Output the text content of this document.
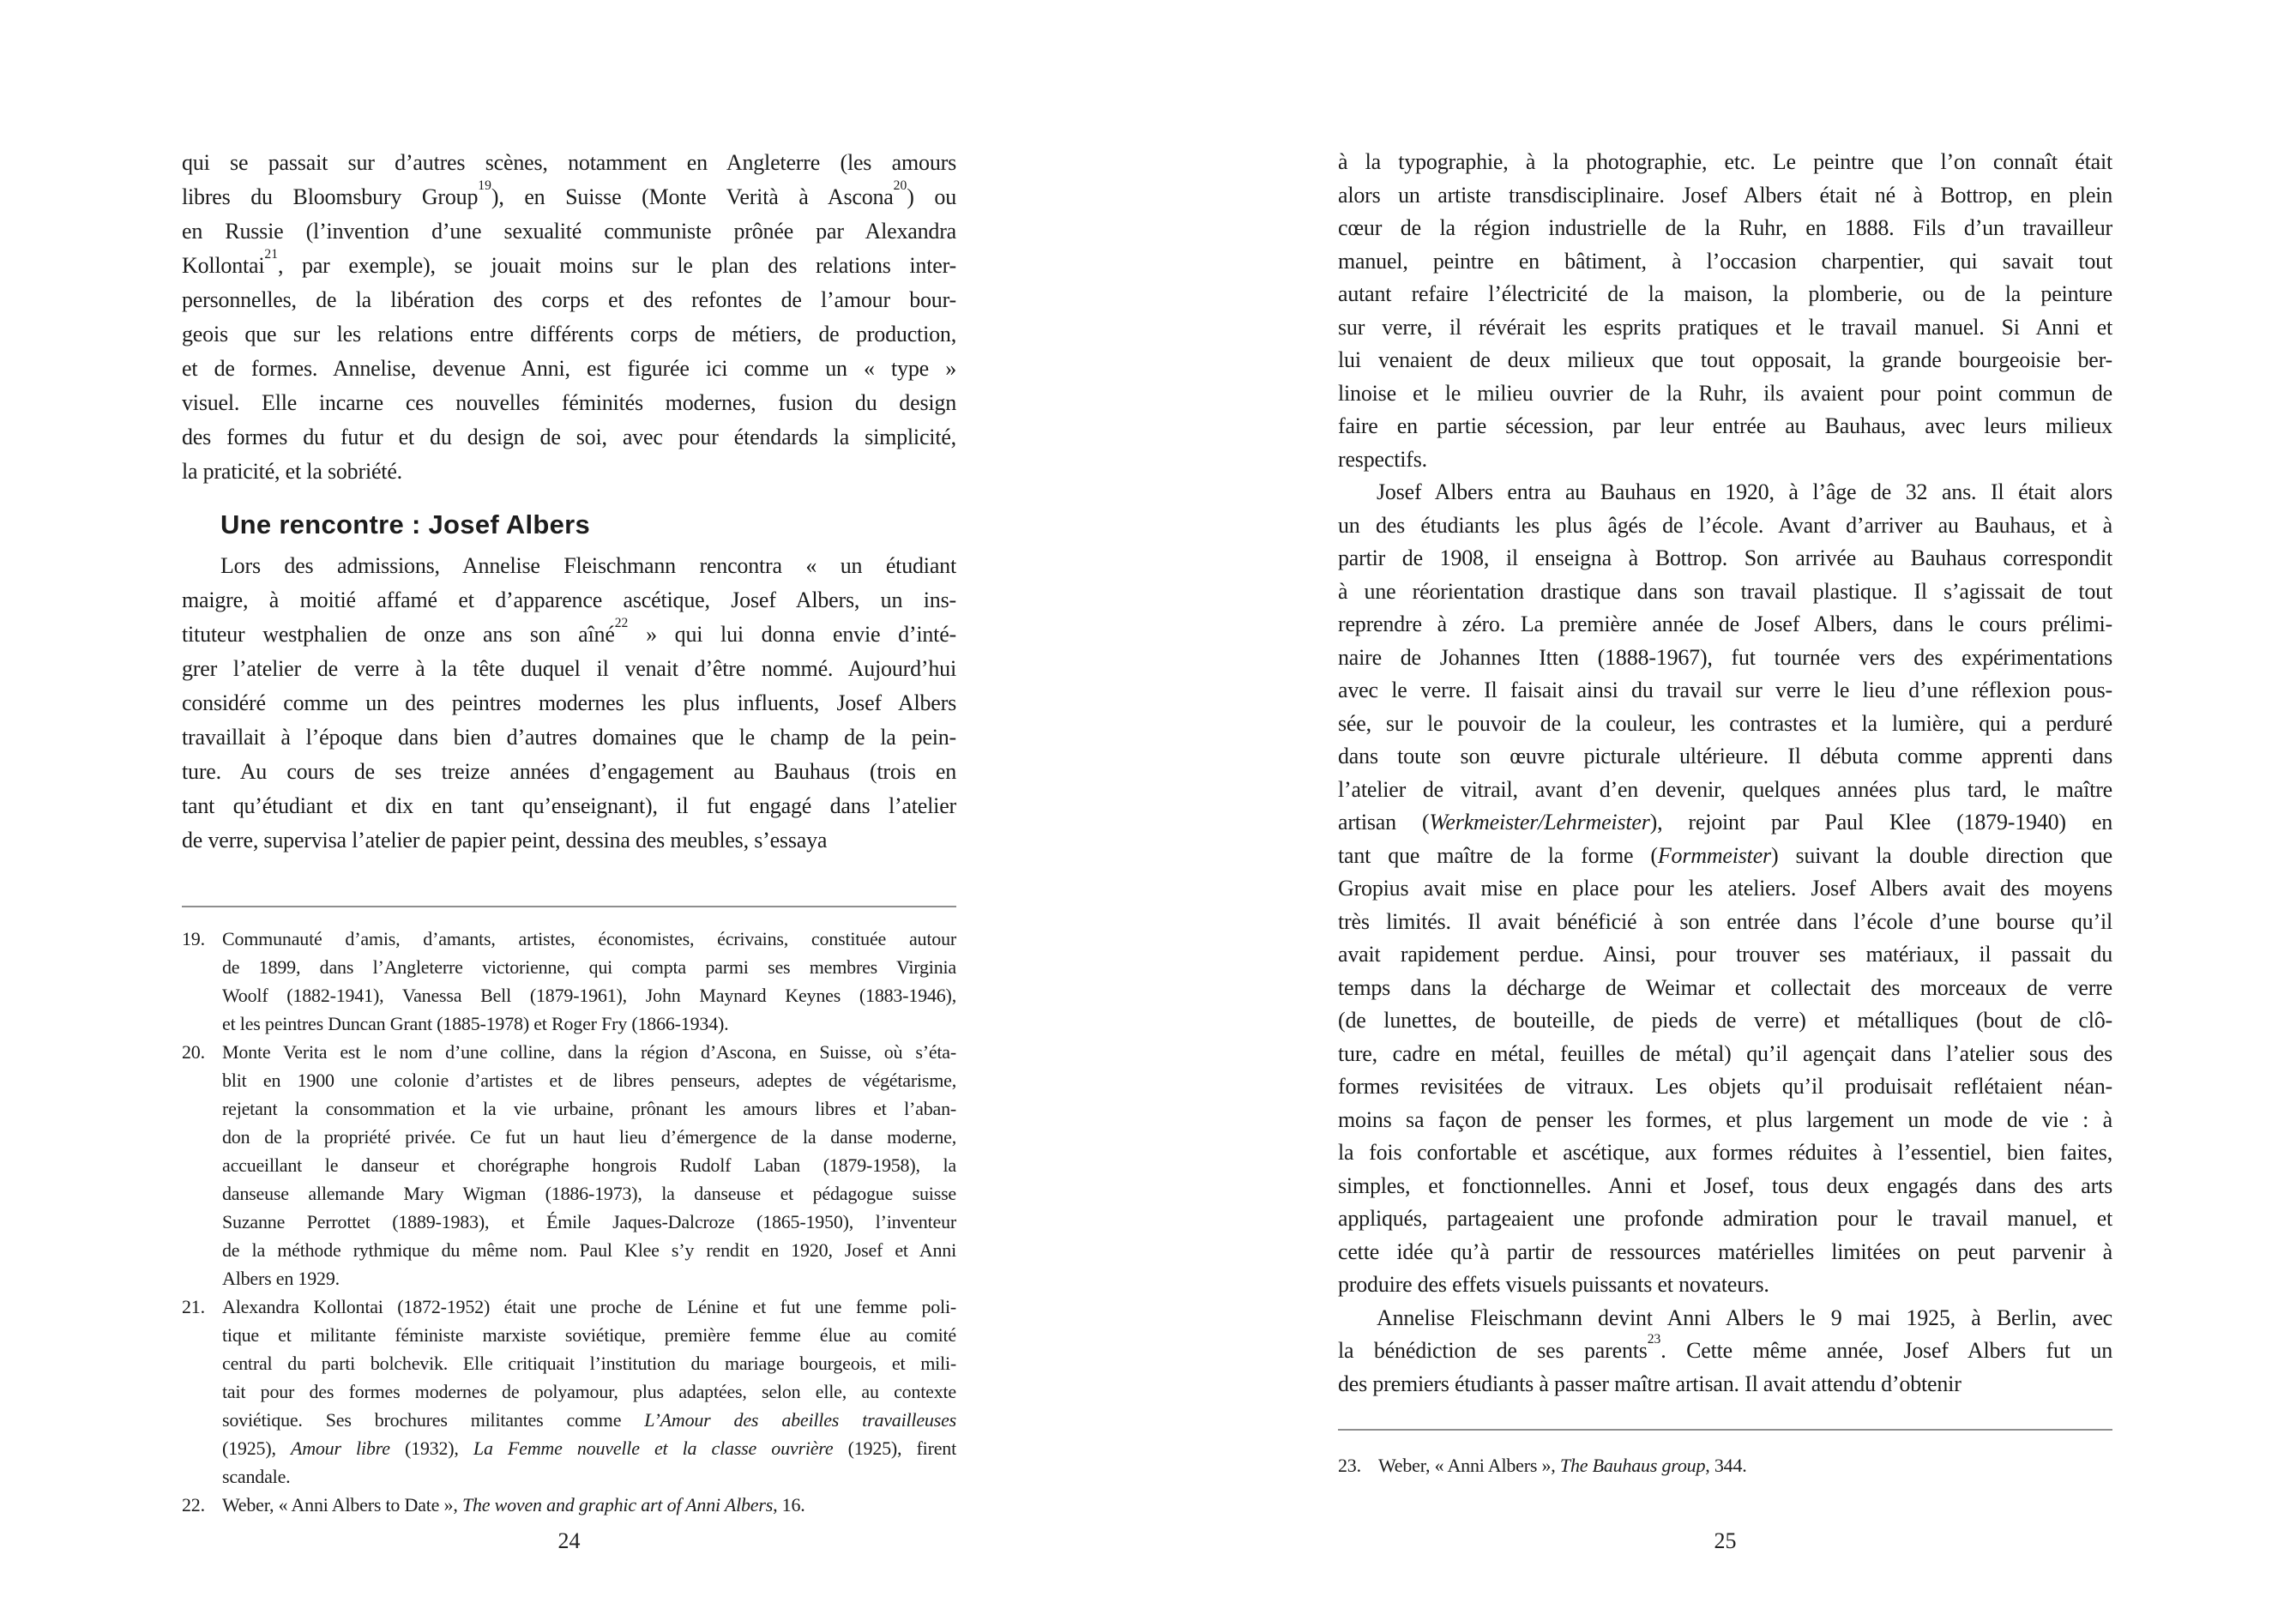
qui se passait sur d’autres scènes, notamment en Angleterre (les amours
libres du Bloomsbury Group$^{19}$), en Suisse (Monte Verità à Ascona$^{20}$) ou
en Russie (l’invention d’une sexualité communiste prônée par Alexandra
Kollontai$^{21}$, par exemple), se jouait moins sur le plan des relations inter-
personnelles, de la libération des corps et des refontes de l’amour bour-
geois que sur les relations entre différents corps de métiers, de production,
et de formes. Annelise, devenue Anni, est figurée ici comme un « type »
visuel. Elle incarne ces nouvelles féminités modernes, fusion du design
des formes du futur et du design de soi, avec pour étendards la simplicité,
la praticité, et la sobriété.
Une rencontre : Josef Albers
Lors des admissions, Annelise Fleischmann rencontra « un étudiant
maigre, à moitié affamé et d’apparence ascétique, Josef Albers, un ins-
tituteur westphalien de onze ans son aîné$^{22}$ » qui lui donna envie d’inté-
grer l’atelier de verre à la tête duquel il venait d’être nommé. Aujourd’hui
considéré comme un des peintres modernes les plus influents, Josef Albers
travaillait à l’époque dans bien d’autres domaines que le champ de la pein-
ture. Au cours de ses treize années d’engagement au Bauhaus (trois en
tant qu’étudiant et dix en tant qu’enseignant), il fut engagé dans l’atelier
de verre, supervisa l’atelier de papier peint, dessina des meubles, s’essaya
19. Communauté d’amis, d’amants, artistes, économistes, écrivains, constituée autour
de 1899, dans l’Angleterre victorienne, qui compta parmi ses membres Virginia
Woolf (1882-1941), Vanessa Bell (1879-1961), John Maynard Keynes (1883-1946),
et les peintres Duncan Grant (1885-1978) et Roger Fry (1866-1934).
20. Monte Verita est le nom d’une colline, dans la région d’Ascona, en Suisse, où s’éta-
blit en 1900 une colonie d’artistes et de libres penseurs, adeptes de végétarisme,
rejetant la consommation et la vie urbaine, prônant les amours libres et l’aban-
don de la propriété privée. Ce fut un haut lieu d’émergence de la danse moderne,
accueillant le danseur et chorégraphe hongrois Rudolf Laban (1879-1958), la
danseuse allemande Mary Wigman (1886-1973), la danseuse et pédagogue suisse
Suzanne Perrottet (1889-1983), et Émile Jaques-Dalcroze (1865-1950), l’inventeur
de la méthode rythmique du même nom. Paul Klee s’y rendit en 1920, Josef et Anni
Albers en 1929.
21. Alexandra Kollontai (1872-1952) était une proche de Lénine et fut une femme poli-
tique et militante féministe marxiste soviétique, première femme élue au comité
central du parti bolchevik. Elle critiquait l’institution du mariage bourgeois, et mili-
tait pour des formes modernes de polyamour, plus adaptées, selon elle, au contexte
soviétique. Ses brochures militantes comme L’Amour des abeilles travailleuses
(1925), Amour libre (1932), La Femme nouvelle et la classe ouvrière (1925), firent
scandale.
22. Weber, « Anni Albers to Date », The woven and graphic art of Anni Albers, 16.
24
à la typographie, à la photographie, etc. Le peintre que l’on connaît était
alors un artiste transdisciplinaire. Josef Albers était né à Bottrop, en plein
cœur de la région industrielle de la Ruhr, en 1888. Fils d’un travailleur
manuel, peintre en bâtiment, à l’occasion charpentier, qui savait tout
autant refaire l’électricité de la maison, la plomberie, ou de la peinture
sur verre, il révérait les esprits pratiques et le travail manuel. Si Anni et
lui venaient de deux milieux que tout opposait, la grande bourgeoisie ber-
linoise et le milieu ouvrier de la Ruhr, ils avaient pour point commun de
faire en partie sécession, par leur entrée au Bauhaus, avec leurs milieux
respectifs.
Josef Albers entra au Bauhaus en 1920, à l’âge de 32 ans. Il était alors
un des étudiants les plus âgés de l’école. Avant d’arriver au Bauhaus, et à
partir de 1908, il enseigna à Bottrop. Son arrivée au Bauhaus correspondit
à une réorientation drastique dans son travail plastique. Il s’agissait de tout
reprendre à zéro. La première année de Josef Albers, dans le cours prélimi-
naire de Johannes Itten (1888-1967), fut tournée vers des expérimentations
avec le verre. Il faisait ainsi du travail sur verre le lieu d’une réflexion pous-
sée, sur le pouvoir de la couleur, les contrastes et la lumière, qui a perduré
dans toute son œuvre picturale ultérieure. Il débuta comme apprenti dans
l’atelier de vitrail, avant d’en devenir, quelques années plus tard, le maître
artisan (Werkmeister/Lehrmeister), rejoint par Paul Klee (1879-1940) en
tant que maître de la forme (Formmeister) suivant la double direction que
Gropius avait mise en place pour les ateliers. Josef Albers avait des moyens
très limités. Il avait bénéficié à son entrée dans l’école d’une bourse qu’il
avait rapidement perdue. Ainsi, pour trouver ses matériaux, il passait du
temps dans la décharge de Weimar et collectait des morceaux de verre
(de lunettes, de bouteille, de pieds de verre) et métalliques (bout de clô-
ture, cadre en métal, feuilles de métal) qu’il agençait dans l’atelier sous des
formes revisitées de vitraux. Les objets qu’il produisait reflétaient néan-
moins sa façon de penser les formes, et plus largement un mode de vie : à
la fois confortable et ascétique, aux formes réduites à l’essentiel, bien faites,
simples, et fonctionnelles. Anni et Josef, tous deux engagés dans des arts
appliqués, partageaient une profonde admiration pour le travail manuel, et
cette idée qu’à partir de ressources matérielles limitées on peut parvenir à
produire des effets visuels puissants et novateurs.
Annelise Fleischmann devint Anni Albers le 9 mai 1925, à Berlin, avec
la bénédiction de ses parents$^{23}$. Cette même année, Josef Albers fut un
des premiers étudiants à passer maître artisan. Il avait attendu d’obtenir
23. Weber, « Anni Albers », The Bauhaus group, 344.
25
